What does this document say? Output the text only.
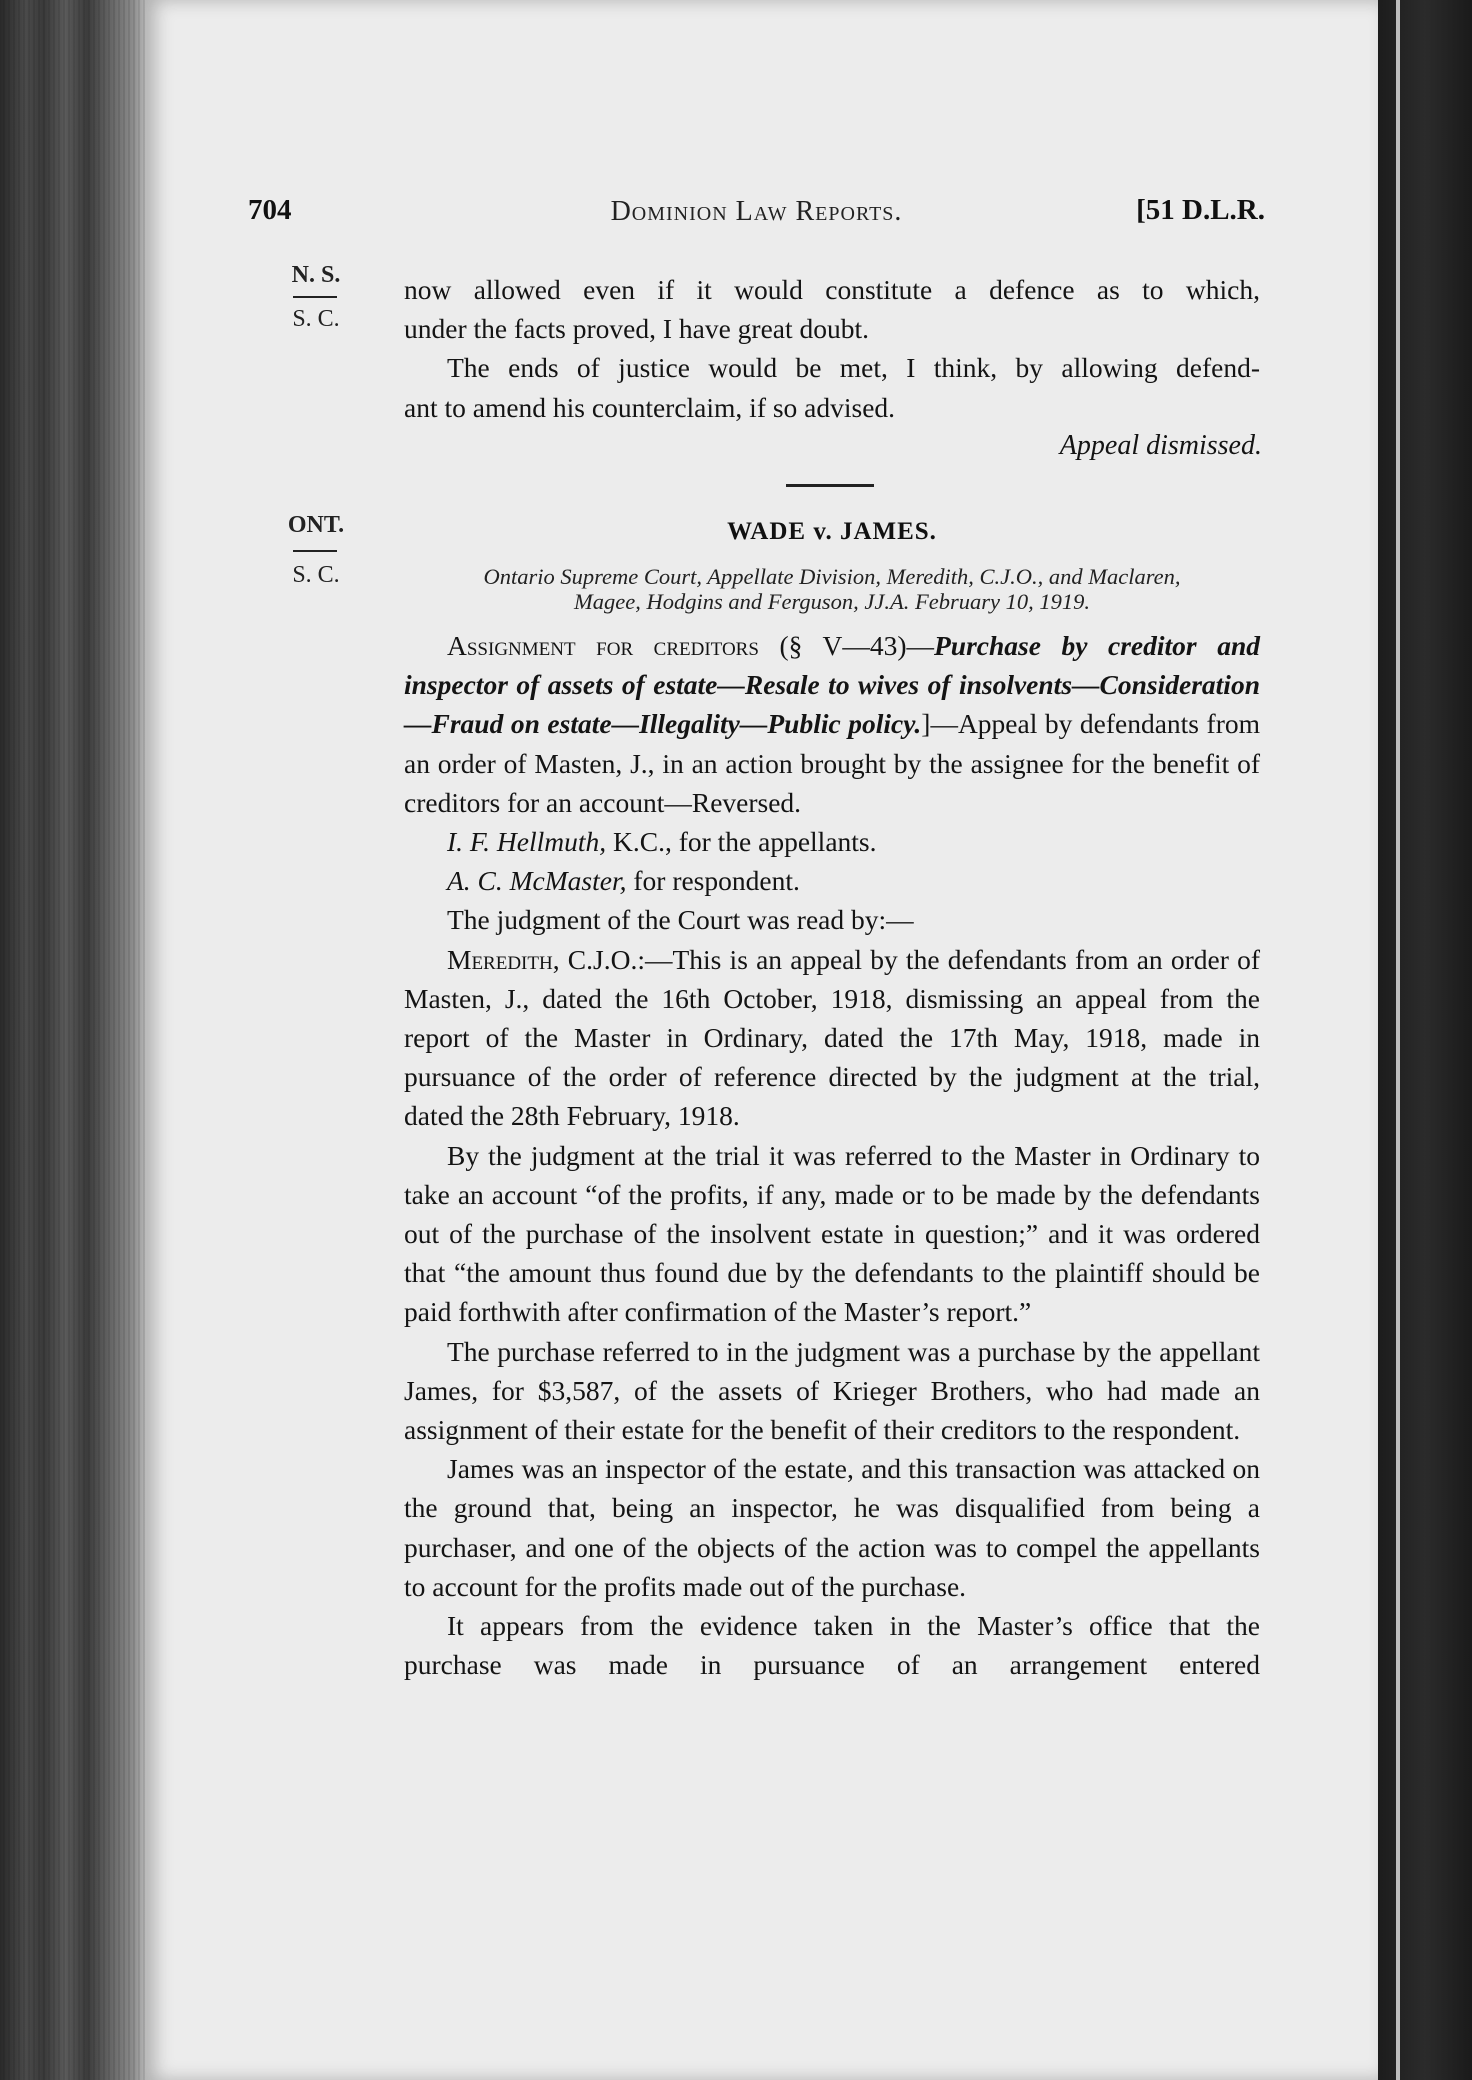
704	Dominion Law Reports.	[51 D.L.R.
N. S.
S. C.

now allowed even if it would constitute a defence as to which,

under the facts proved, I have great doubt.

The ends of justice would be met, I think, by allowing defend-

ant to amend his counterclaim, if so advised.

Appeal dismissed.
ONT.
S. C.
WADE v. JAMES.
Ontario Supreme Court, Appellate Division, Meredith, C.J.O., and Maclaren,
Magee, Hodgins and Ferguson, JJ.A. February 10, 1919.

Assignment for creditors (§ V—43)—Purchase by creditor and inspector of assets of estate—Resale to wives of insolvents—Consideration—Fraud on estate—Illegality—Public policy.]—Appeal by defendants from an order of Masten, J., in an action brought by the assignee for the benefit of creditors for an account—Reversed.

I. F. Hellmuth, K.C., for the appellants.

A. C. McMaster, for respondent.

The judgment of the Court was read by:—

Meredith, C.J.O.:—This is an appeal by the defendants from an order of Masten, J., dated the 16th October, 1918, dismissing an appeal from the report of the Master in Ordinary, dated the 17th May, 1918, made in pursuance of the order of reference directed by the judgment at the trial, dated the 28th February, 1918.

By the judgment at the trial it was referred to the Master in Ordinary to take an account “of the profits, if any, made or to be made by the defendants out of the purchase of the insolvent estate in question;” and it was ordered that “the amount thus found due by the defendants to the plaintiff should be paid forthwith after confirmation of the Master’s report.”

The purchase referred to in the judgment was a purchase by the appellant James, for $3,587, of the assets of Krieger Brothers, who had made an assignment of their estate for the benefit of their creditors to the respondent.

James was an inspector of the estate, and this transaction was attacked on the ground that, being an inspector, he was disqualified from being a purchaser, and one of the objects of the action was to compel the appellants to account for the profits made out of the purchase.

It appears from the evidence taken in the Master’s office that the purchase was made in pursuance of an arrangement entered
